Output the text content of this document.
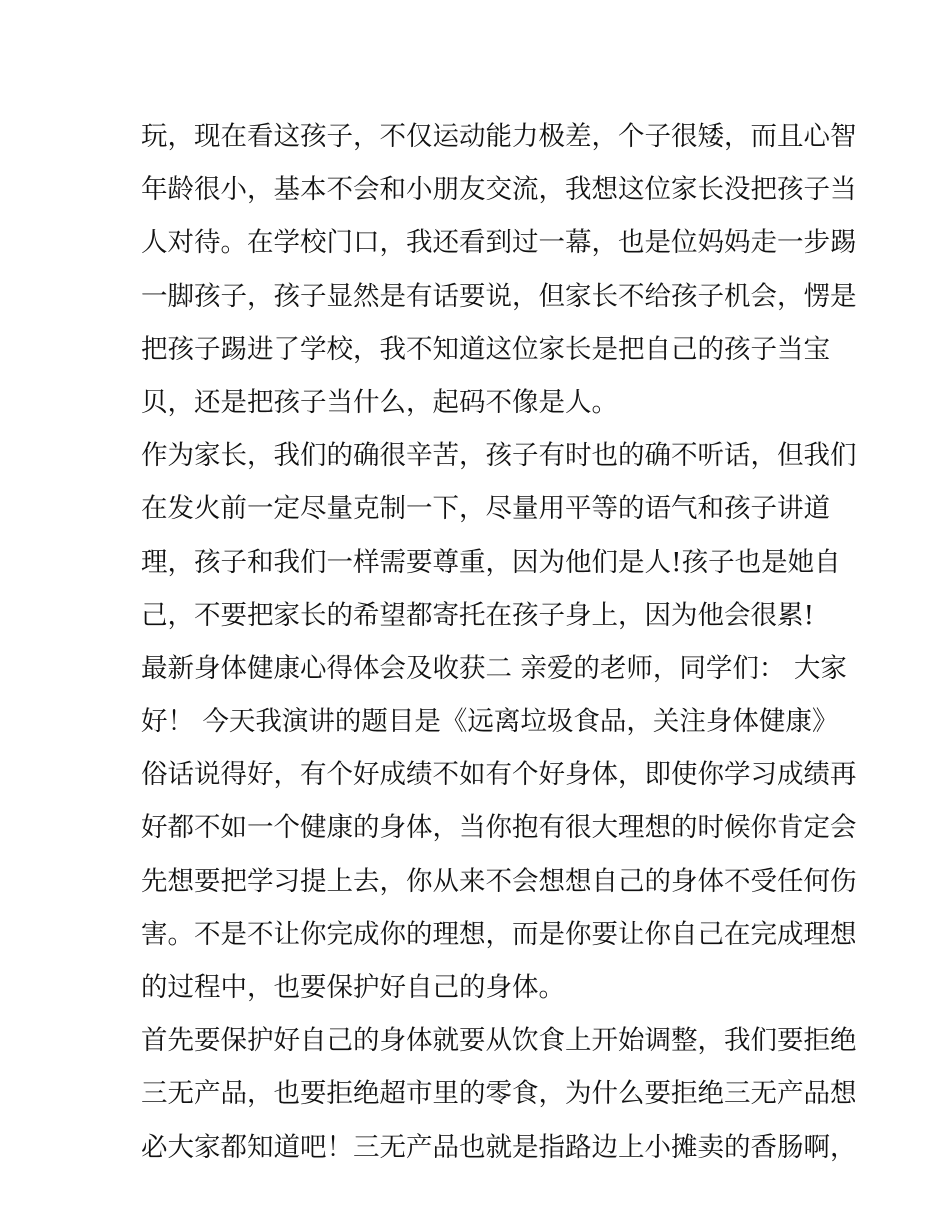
玩，现在看这孩子，不仅运动能力极差，个子很矮，而且心智
年龄很小，基本不会和小朋友交流，我想这位家长没把孩子当
人对待。在学校门口，我还看到过一幕，也是位妈妈走一步踢
一脚孩子，孩子显然是有话要说，但家长不给孩子机会，愣是
把孩子踢进了学校，我不知道这位家长是把自己的孩子当宝
贝，还是把孩子当什么，起码不像是人。
作为家长，我们的确很辛苦，孩子有时也的确不听话，但我们
在发火前一定尽量克制一下，尽量用平等的语气和孩子讲道
理，孩子和我们一样需要尊重，因为他们是人!孩子也是她自
己，不要把家长的希望都寄托在孩子身上，因为他会很累!
最新身体健康心得体会及收获二 亲爱的老师，同学们： 大家
好！ 今天我演讲的题目是《远离垃圾食品，关注身体健康》
俗话说得好，有个好成绩不如有个好身体，即使你学习成绩再
好都不如一个健康的身体，当你抱有很大理想的时候你肯定会
先想要把学习提上去，你从来不会想想自己的身体不受任何伤
害。不是不让你完成你的理想，而是你要让你自己在完成理想
的过程中，也要保护好自己的身体。
首先要保护好自己的身体就要从饮食上开始调整，我们要拒绝
三无产品，也要拒绝超市里的零食，为什么要拒绝三无产品想
必大家都知道吧！三无产品也就是指路边上小摊卖的香肠啊，
